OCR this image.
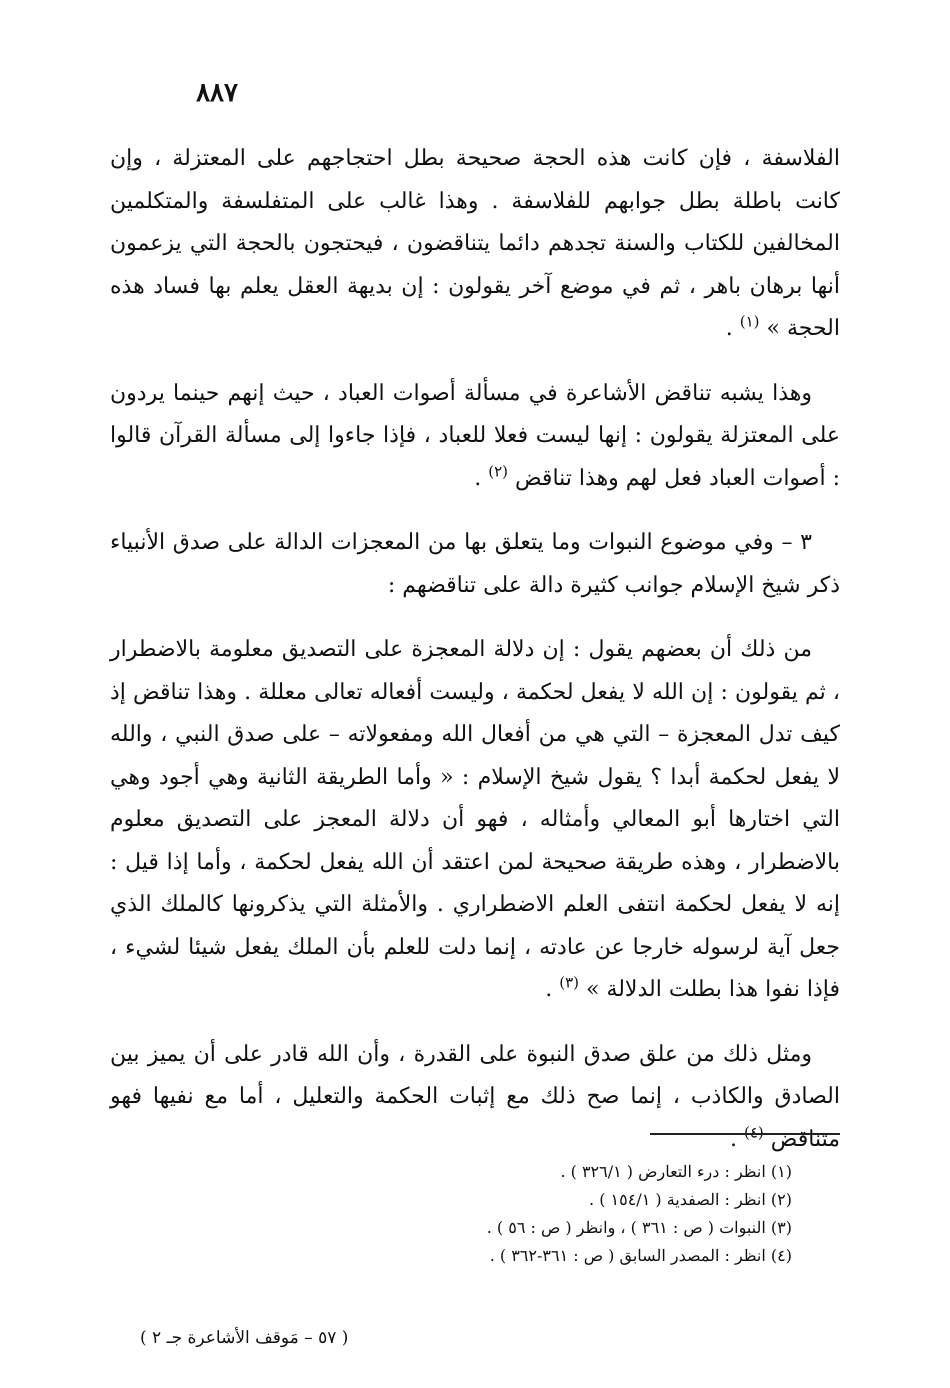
٨٨٧

الفلاسفة ، فإن كانت هذه الحجة صحيحة بطل احتجاجهم على المعتزلة ، وإن كانت باطلة بطل جوابهم للفلاسفة . وهذا غالب على المتفلسفة والمتكلمين المخالفين للكتاب والسنة تجدهم دائما يتناقضون ، فيحتجون بالحجة التي يزعمون أنها برهان باهر ، ثم في موضع آخر يقولون : إن بديهة العقل يعلم بها فساد هذه الحجة » $^{(١)}$ .

وهذا يشبه تناقض الأشاعرة في مسألة أصوات العباد ، حيث إنهم حينما يردون على المعتزلة يقولون : إنها ليست فعلا للعباد ، فإذا جاءوا إلى مسألة القرآن قالوا : أصوات العباد فعل لهم وهذا تناقض $^{(٢)}$ .

٣ – وفي موضوع النبوات وما يتعلق بها من المعجزات الدالة على صدق الأنبياء ذكر شيخ الإسلام جوانب كثيرة دالة على تناقضهم :

من ذلك أن بعضهم يقول : إن دلالة المعجزة على التصديق معلومة بالاضطرار ، ثم يقولون : إن الله لا يفعل لحكمة ، وليست أفعاله تعالى معللة . وهذا تناقض إذ كيف تدل المعجزة – التي هي من أفعال الله ومفعولاته – على صدق النبي ، والله لا يفعل لحكمة أبدا ؟ يقول شيخ الإسلام : « وأما الطريقة الثانية وهي أجود وهي التي اختارها أبو المعالي وأمثاله ، فهو أن دلالة المعجز على التصديق معلوم بالاضطرار ، وهذه طريقة صحيحة لمن اعتقد أن الله يفعل لحكمة ، وأما إذا قيل : إنه لا يفعل لحكمة انتفى العلم الاضطراري . والأمثلة التي يذكرونها كالملك الذي جعل آية لرسوله خارجا عن عادته ، إنما دلت للعلم بأن الملك يفعل شيئا لشيء ، فإذا نفوا هذا بطلت الدلالة » $^{(٣)}$ .

ومثل ذلك من علق صدق النبوة على القدرة ، وأن الله قادر على أن يميز بين الصادق والكاذب ، إنما صح ذلك مع إثبات الحكمة والتعليل ، أما مع نفيها فهو متناقض $^{(٤)}$ .

(١) انظر : درء التعارض ( ٣٢٦/١ ) .

(٢) انظر : الصفدية ( ١٥٤/١ ) .

(٣) النبوات ( ص : ٣٦١ ) ، وانظر ( ص : ٥٦ ) .

(٤) انظر : المصدر السابق ( ص : ٣٦١-٣٦٢ ) .

( ٥٧ – مَوقف الأشاعرة جـ ٢ )
